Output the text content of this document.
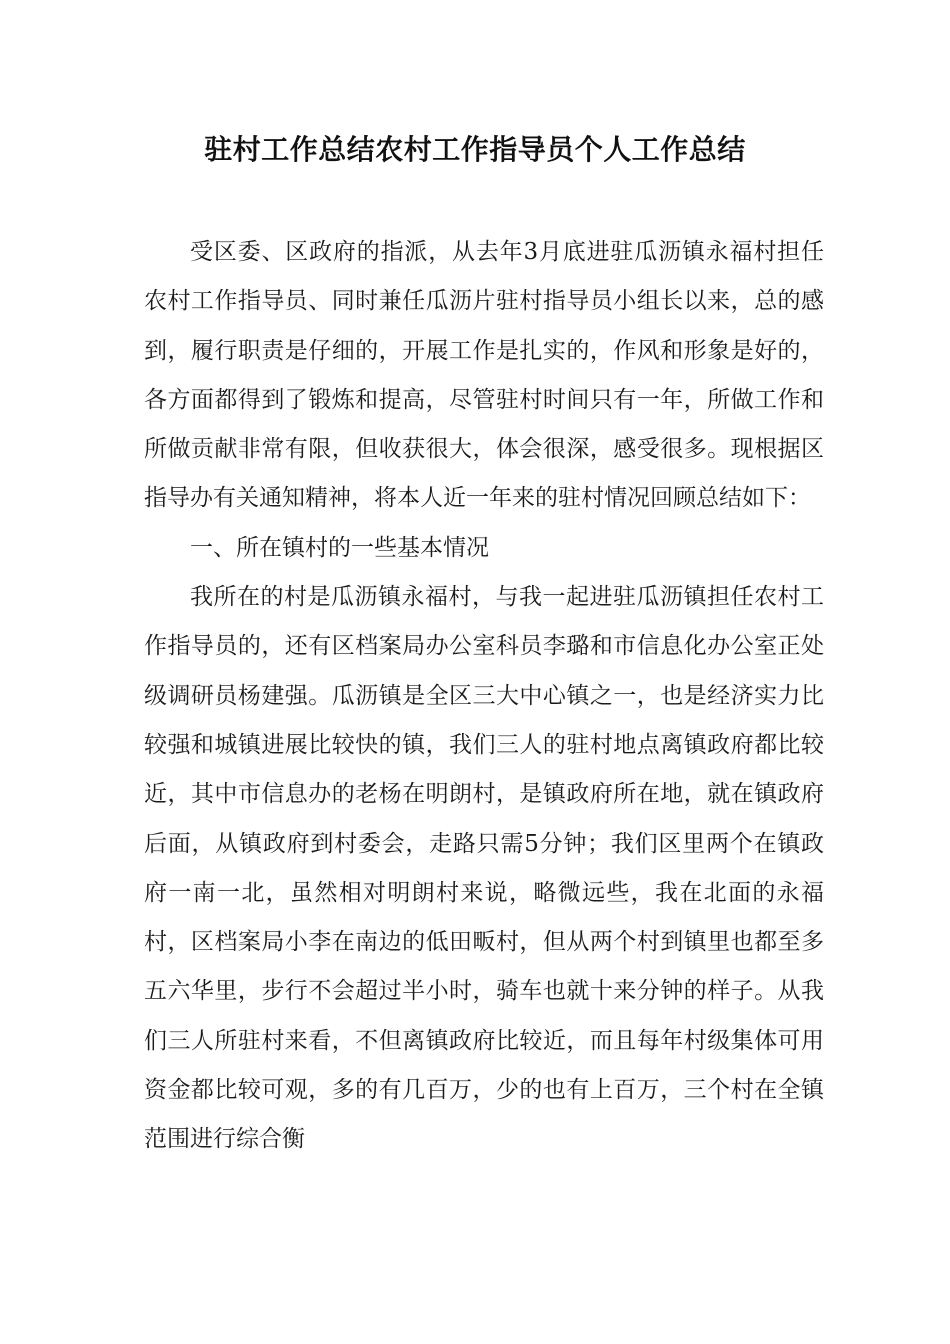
驻村工作总结农村工作指导员个人工作总结

受区委、区政府的指派，从去年3月底进驻瓜沥镇永福村担任农村工作指导员、同时兼任瓜沥片驻村指导员小组长以来，总的感到，履行职责是仔细的，开展工作是扎实的，作风和形象是好的，各方面都得到了锻炼和提高，尽管驻村时间只有一年，所做工作和所做贡献非常有限，但收获很大，体会很深，感受很多。现根据区指导办有关通知精神，将本人近一年来的驻村情况回顾总结如下：

一、所在镇村的一些基本情况

我所在的村是瓜沥镇永福村，与我一起进驻瓜沥镇担任农村工作指导员的，还有区档案局办公室科员李璐和市信息化办公室正处级调研员杨建强。瓜沥镇是全区三大中心镇之一，也是经济实力比较强和城镇进展比较快的镇，我们三人的驻村地点离镇政府都比较近，其中市信息办的老杨在明朗村，是镇政府所在地，就在镇政府后面，从镇政府到村委会，走路只需5分钟；我们区里两个在镇政府一南一北，虽然相对明朗村来说，略微远些，我在北面的永福村，区档案局小李在南边的低田畈村，但从两个村到镇里也都至多五六华里，步行不会超过半小时，骑车也就十来分钟的样子。从我们三人所驻村来看，不但离镇政府比较近，而且每年村级集体可用资金都比较可观，多的有几百万，少的也有上百万，三个村在全镇范围进行综合衡
